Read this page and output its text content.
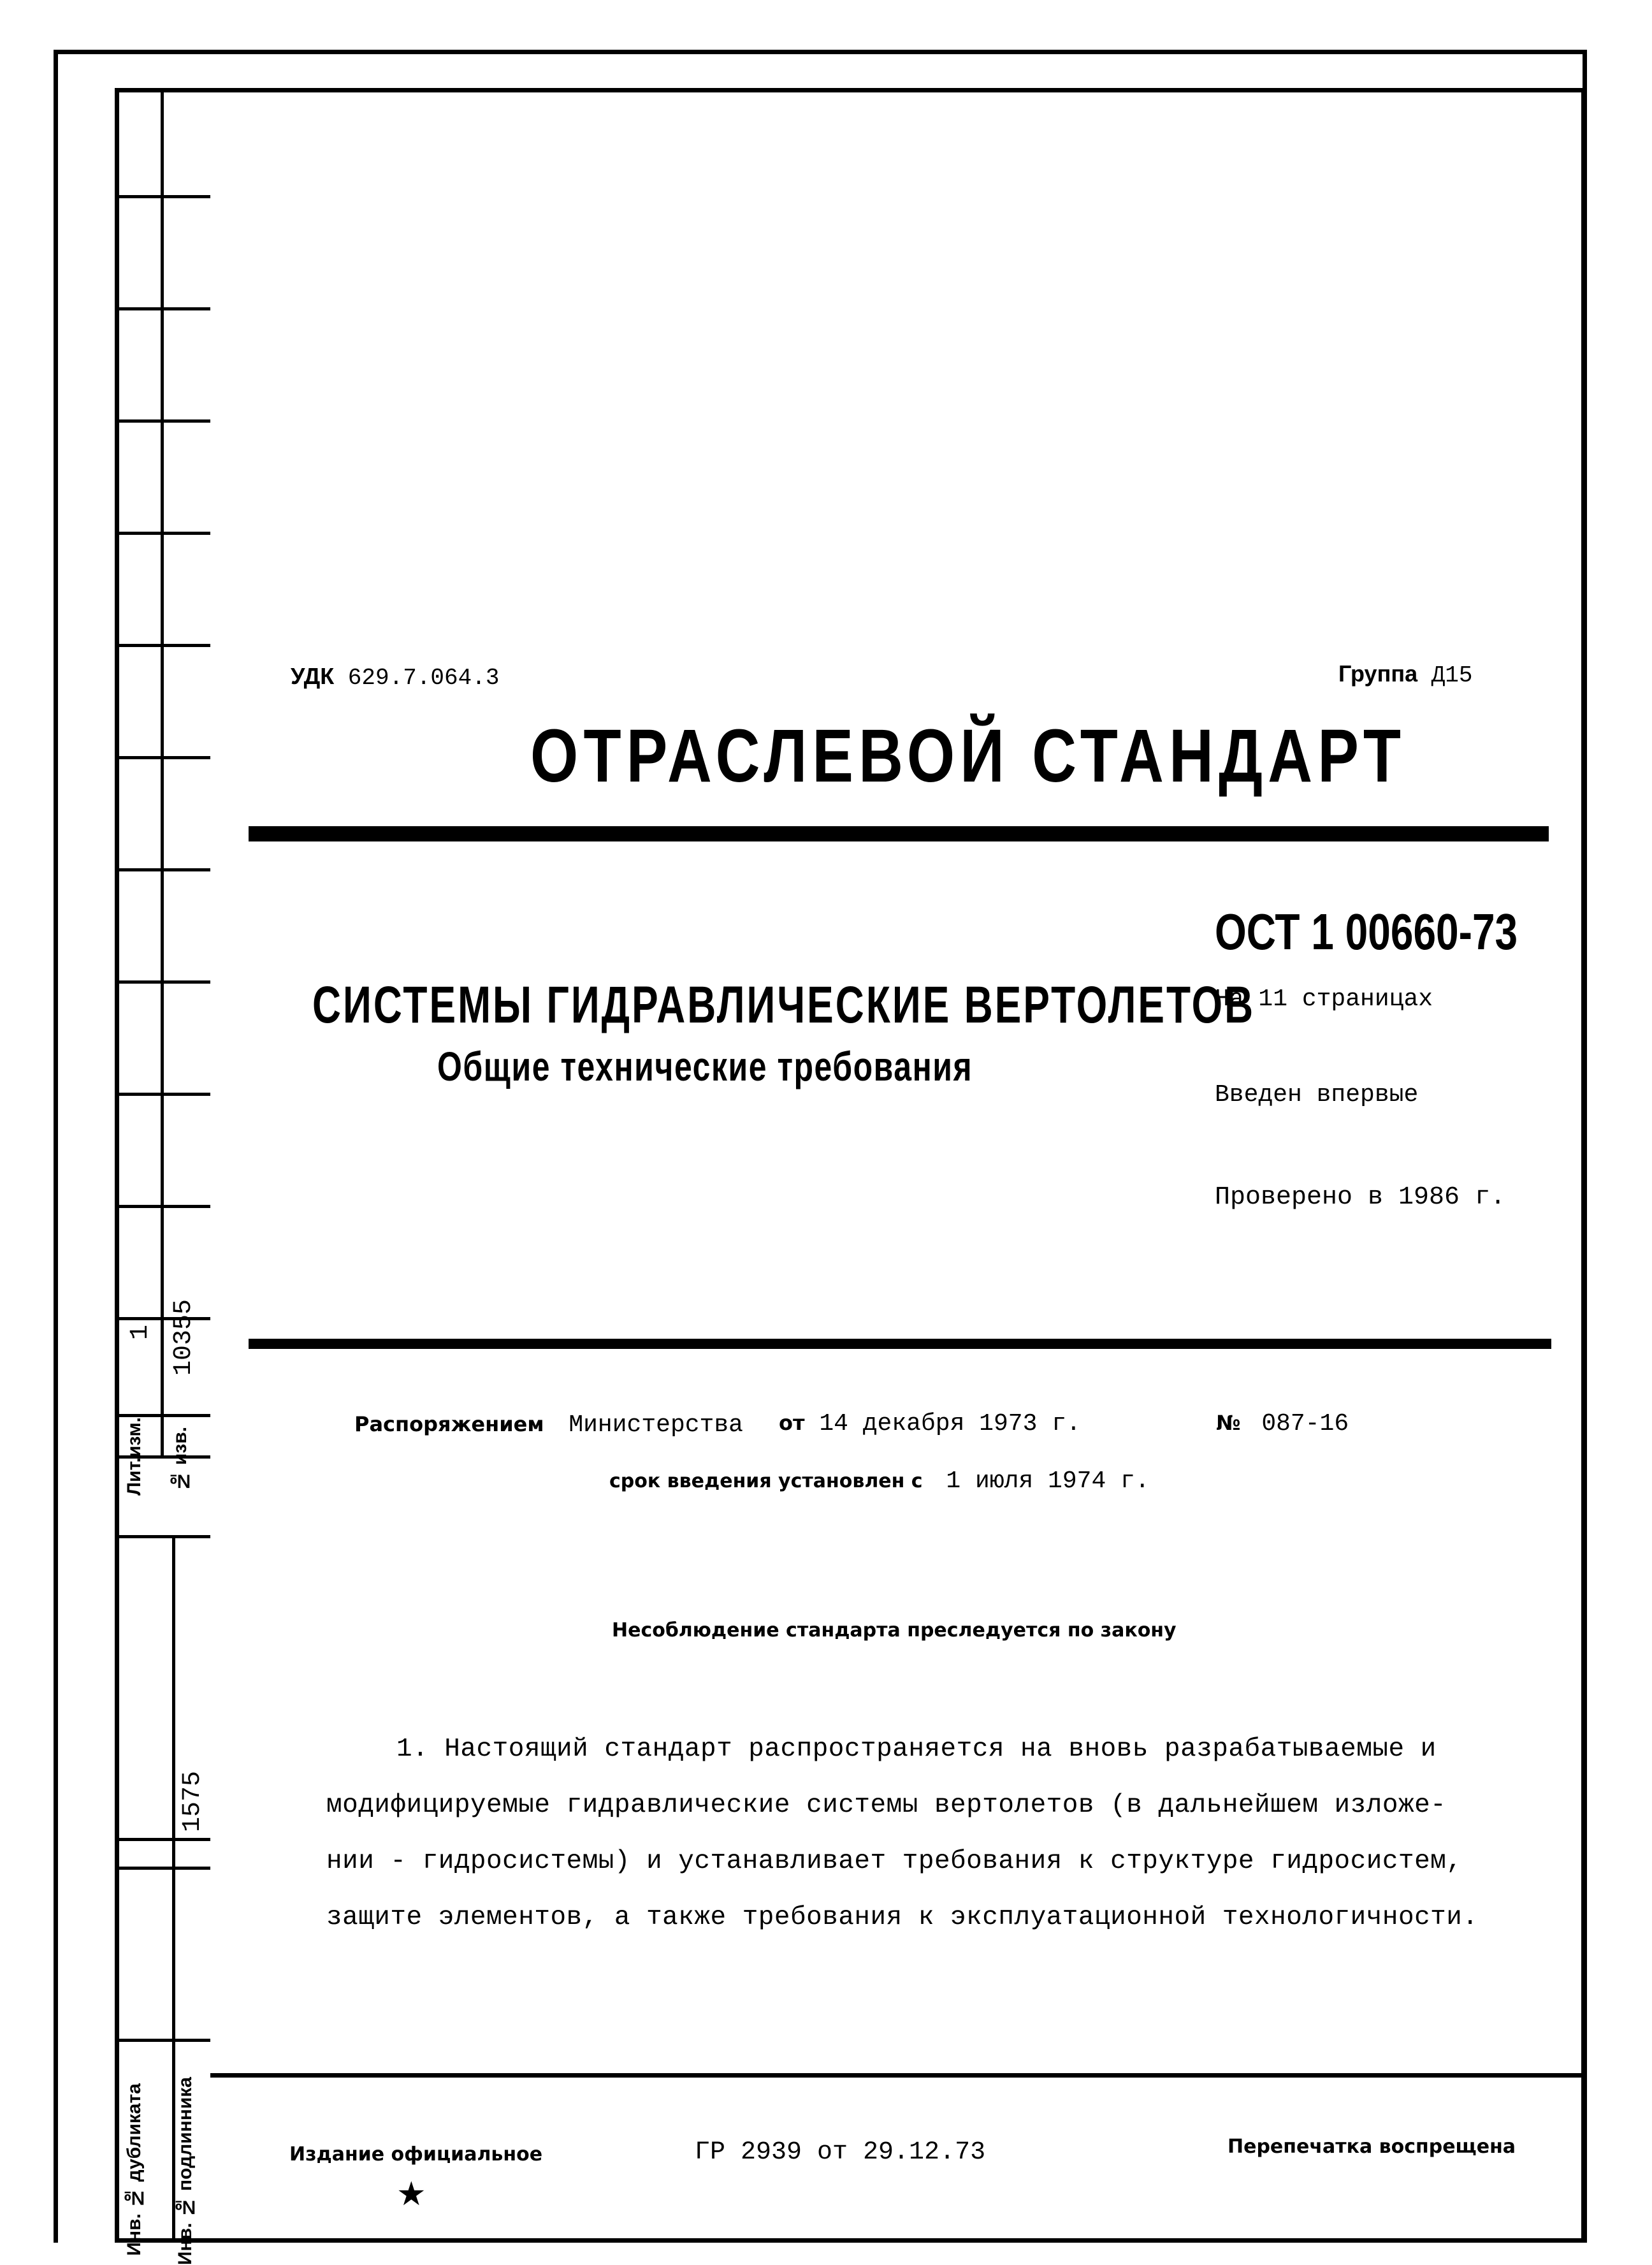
Лит.изм.
1
№ изв.
10355
1575
Инв. № дубликата Инв. № подлинника
УДК 629.7.064.3	Группа Д15
ОТРАСЛЕВОЙ СТАНДАРТ
ОСТ 1 00660-73
На 11 страницах
Введен впервые
Проверено в 1986 г.
СИСТЕМЫ ГИДРАВЛИЧЕСКИЕ ВЕРТОЛЕТОВ
Общие технические требования
Распоряжением Министерства от 14 декабря 1973 г.	№ 087-16
срок введения установлен с 1 июля 1974 г.
Несоблюдение стандарта преследуется по закону
1. Настоящий стандарт распространяется на вновь разрабатываемые и
модифицируемые гидравлические системы вертолетов (в дальнейшем изложе-
нии - гидросистемы) и устанавливает требования к структуре гидросистем,
защите элементов, а также требования к эксплуатационной технологичности.
Издание официальное
★
ГР 2939 от 29.12.73	Перепечатка воспрещена
